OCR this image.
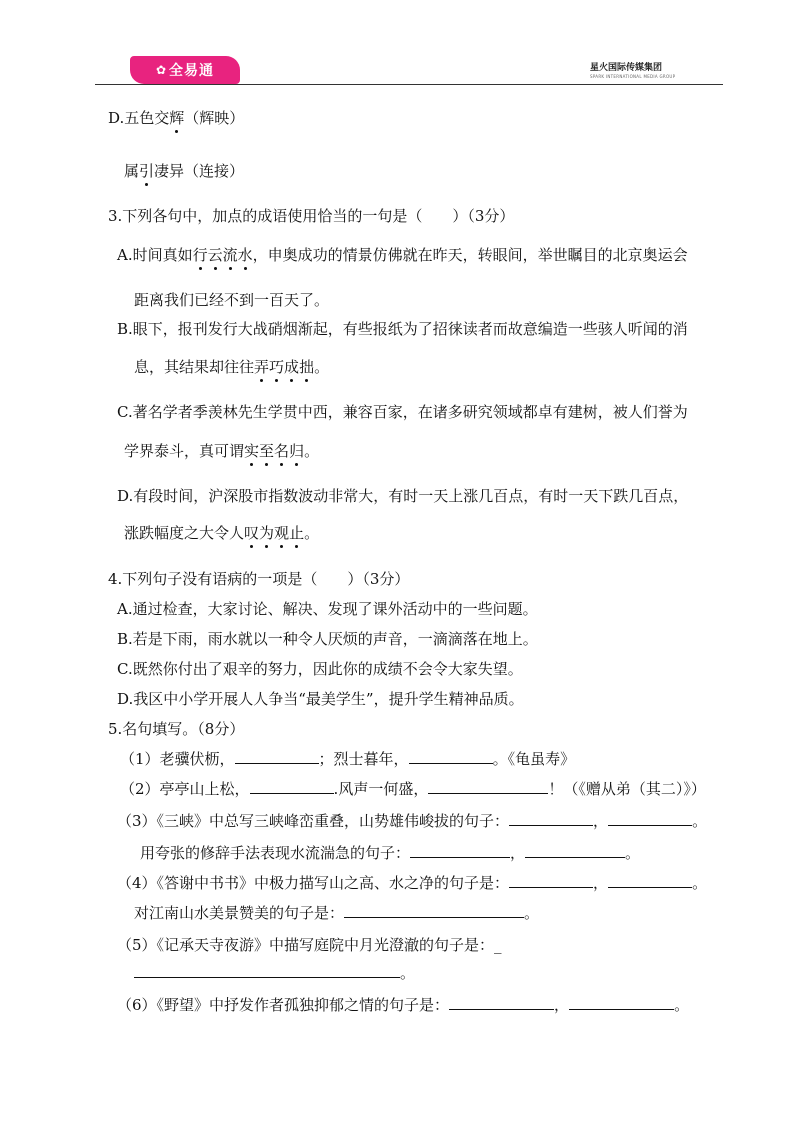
✿ 全易通	星火国际传媒集团
SPARK INTERNATIONAL MEDIA GROUP
D.五色交辉（辉映）
属引凄异（连接）
3.下列各句中，加点的成语使用恰当的一句是（　　）（3分）
A.时间真如行云流水，申奥成功的情景仿佛就在昨天，转眼间，举世瞩目的北京奥运会
距离我们已经不到一百天了。
B.眼下，报刊发行大战硝烟渐起，有些报纸为了招徕读者而故意编造一些骇人听闻的消
息，其结果却往往弄巧成拙。
C.著名学者季羡林先生学贯中西，兼容百家，在诸多研究领域都卓有建树，被人们誉为
学界泰斗，真可谓实至名归。
D.有段时间，沪深股市指数波动非常大，有时一天上涨几百点，有时一天下跌几百点，
涨跌幅度之大令人叹为观止。
4.下列句子没有语病的一项是（　　）（3分）
A.通过检查，大家讨论、解决、发现了课外活动中的一些问题。
B.若是下雨，雨水就以一种令人厌烦的声音，一滴滴落在地上。
C.既然你付出了艰辛的努力，因此你的成绩不会令大家失望。
D.我区中小学开展人人争当“最美学生”，提升学生精神品质。
5.名句填写。（8分）
（1）老骥伏枥，	；烈士暮年，	。《龟虽寿》
（2）亭亭山上松，	.风声一何盛，	！（《赠从弟（其二）》）
（3）《三峡》中总写三峡峰峦重叠，山势雄伟峻拔的句子：	，	。
用夸张的修辞手法表现水流湍急的句子：	，	。
（4）《答谢中书书》中极力描写山之高、水之净的句子是：	，	。
对江南山水美景赞美的句子是：	。
（5）《记承天寺夜游》中描写庭院中月光澄澈的句子是：_
。
（6）《野望》中抒发作者孤独抑郁之情的句子是：	，	。
